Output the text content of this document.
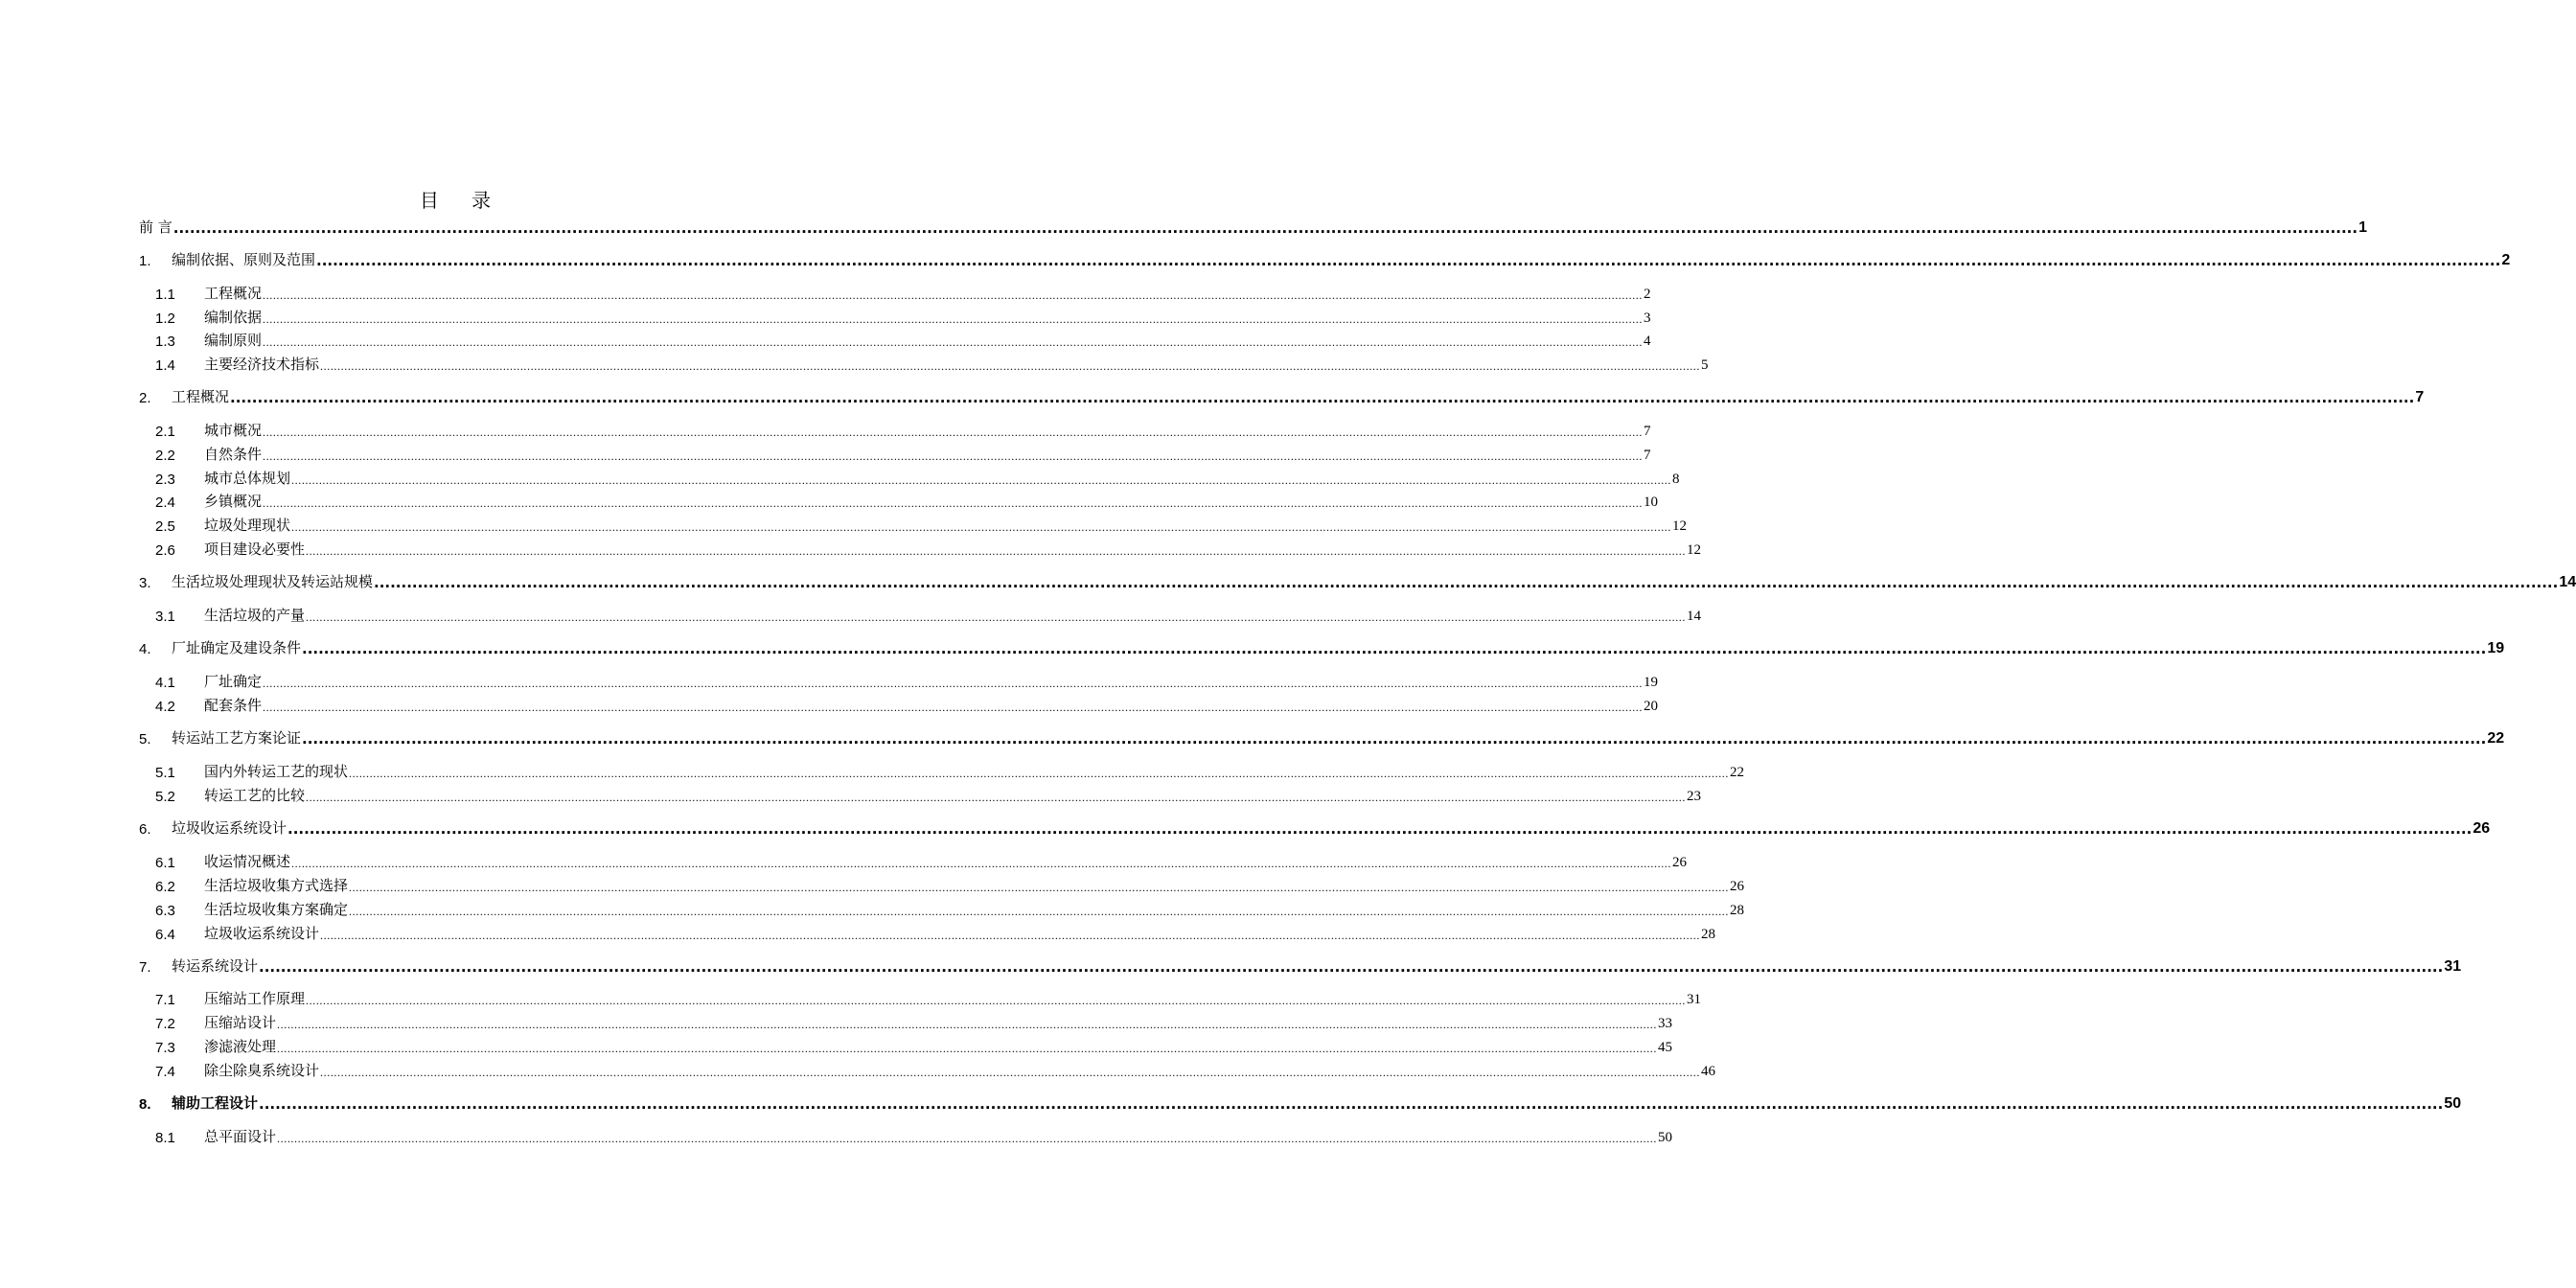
目 录
前 言 ................................................................................................................................................................................................................................................................................................................................................................................................................ 1
1. 编制依据、原则及范围 ................................................................................................................................................................................................................................................................................................................................................................................................................ 2
1.1 工程概况 ................................................................................................................................................................................................................................................................................................................................................................................................................ 2
1.2 编制依据 ................................................................................................................................................................................................................................................................................................................................................................................................................ 3
1.3 编制原则 ................................................................................................................................................................................................................................................................................................................................................................................................................ 4
1.4 主要经济技术指标 ................................................................................................................................................................................................................................................................................................................................................................................................................ 5
2. 工程概况 ................................................................................................................................................................................................................................................................................................................................................................................................................ 7
2.1 城市概况 ................................................................................................................................................................................................................................................................................................................................................................................................................ 7
2.2 自然条件 ................................................................................................................................................................................................................................................................................................................................................................................................................ 7
2.3 城市总体规划 ................................................................................................................................................................................................................................................................................................................................................................................................................ 8
2.4 乡镇概况 ................................................................................................................................................................................................................................................................................................................................................................................................................ 10
2.5 垃圾处理现状 ................................................................................................................................................................................................................................................................................................................................................................................................................ 12
2.6 项目建设必要性 ................................................................................................................................................................................................................................................................................................................................................................................................................ 12
3. 生活垃圾处理现状及转运站规模 ................................................................................................................................................................................................................................................................................................................................................................................................................ 14
3.1 生活垃圾的产量 ................................................................................................................................................................................................................................................................................................................................................................................................................ 14
4. 厂址确定及建设条件 ................................................................................................................................................................................................................................................................................................................................................................................................................ 19
4.1 厂址确定 ................................................................................................................................................................................................................................................................................................................................................................................................................ 19
4.2 配套条件 ................................................................................................................................................................................................................................................................................................................................................................................................................ 20
5. 转运站工艺方案论证 ................................................................................................................................................................................................................................................................................................................................................................................................................ 22
5.1 国内外转运工艺的现状 ................................................................................................................................................................................................................................................................................................................................................................................................................ 22
5.2 转运工艺的比较 ................................................................................................................................................................................................................................................................................................................................................................................................................ 23
6. 垃圾收运系统设计 ................................................................................................................................................................................................................................................................................................................................................................................................................ 26
6.1 收运情况概述 ................................................................................................................................................................................................................................................................................................................................................................................................................ 26
6.2 生活垃圾收集方式选择 ................................................................................................................................................................................................................................................................................................................................................................................................................ 26
6.3 生活垃圾收集方案确定 ................................................................................................................................................................................................................................................................................................................................................................................................................ 28
6.4 垃圾收运系统设计 ................................................................................................................................................................................................................................................................................................................................................................................................................ 28
7. 转运系统设计 ................................................................................................................................................................................................................................................................................................................................................................................................................ 31
7.1 压缩站工作原理 ................................................................................................................................................................................................................................................................................................................................................................................................................ 31
7.2 压缩站设计 ................................................................................................................................................................................................................................................................................................................................................................................................................ 33
7.3 渗滤液处理 ................................................................................................................................................................................................................................................................................................................................................................................................................ 45
7.4 除尘除臭系统设计 ................................................................................................................................................................................................................................................................................................................................................................................................................ 46
8. 辅助工程设计 ................................................................................................................................................................................................................................................................................................................................................................................................................ 50
8.1 总平面设计 ................................................................................................................................................................................................................................................................................................................................................................................................................ 50
